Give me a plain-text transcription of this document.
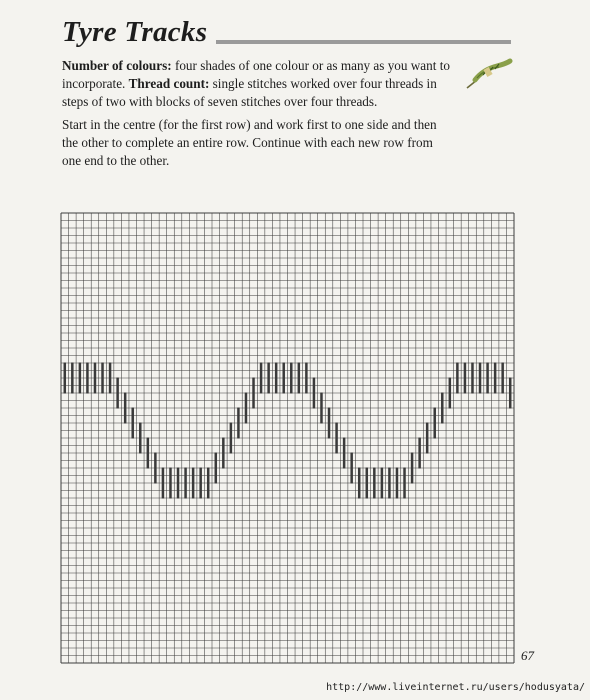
Tyre Tracks
Number of colours: four shades of one colour or as many as you want to incorporate. Thread count: single stitches worked over four threads in steps of two with blocks of seven stitches over four threads.
Start in the centre (for the first row) and work first to one side and then the other to complete an entire row. Continue with each new row from one end to the other.
67
http://www.liveinternet.ru/users/hodusyata/
